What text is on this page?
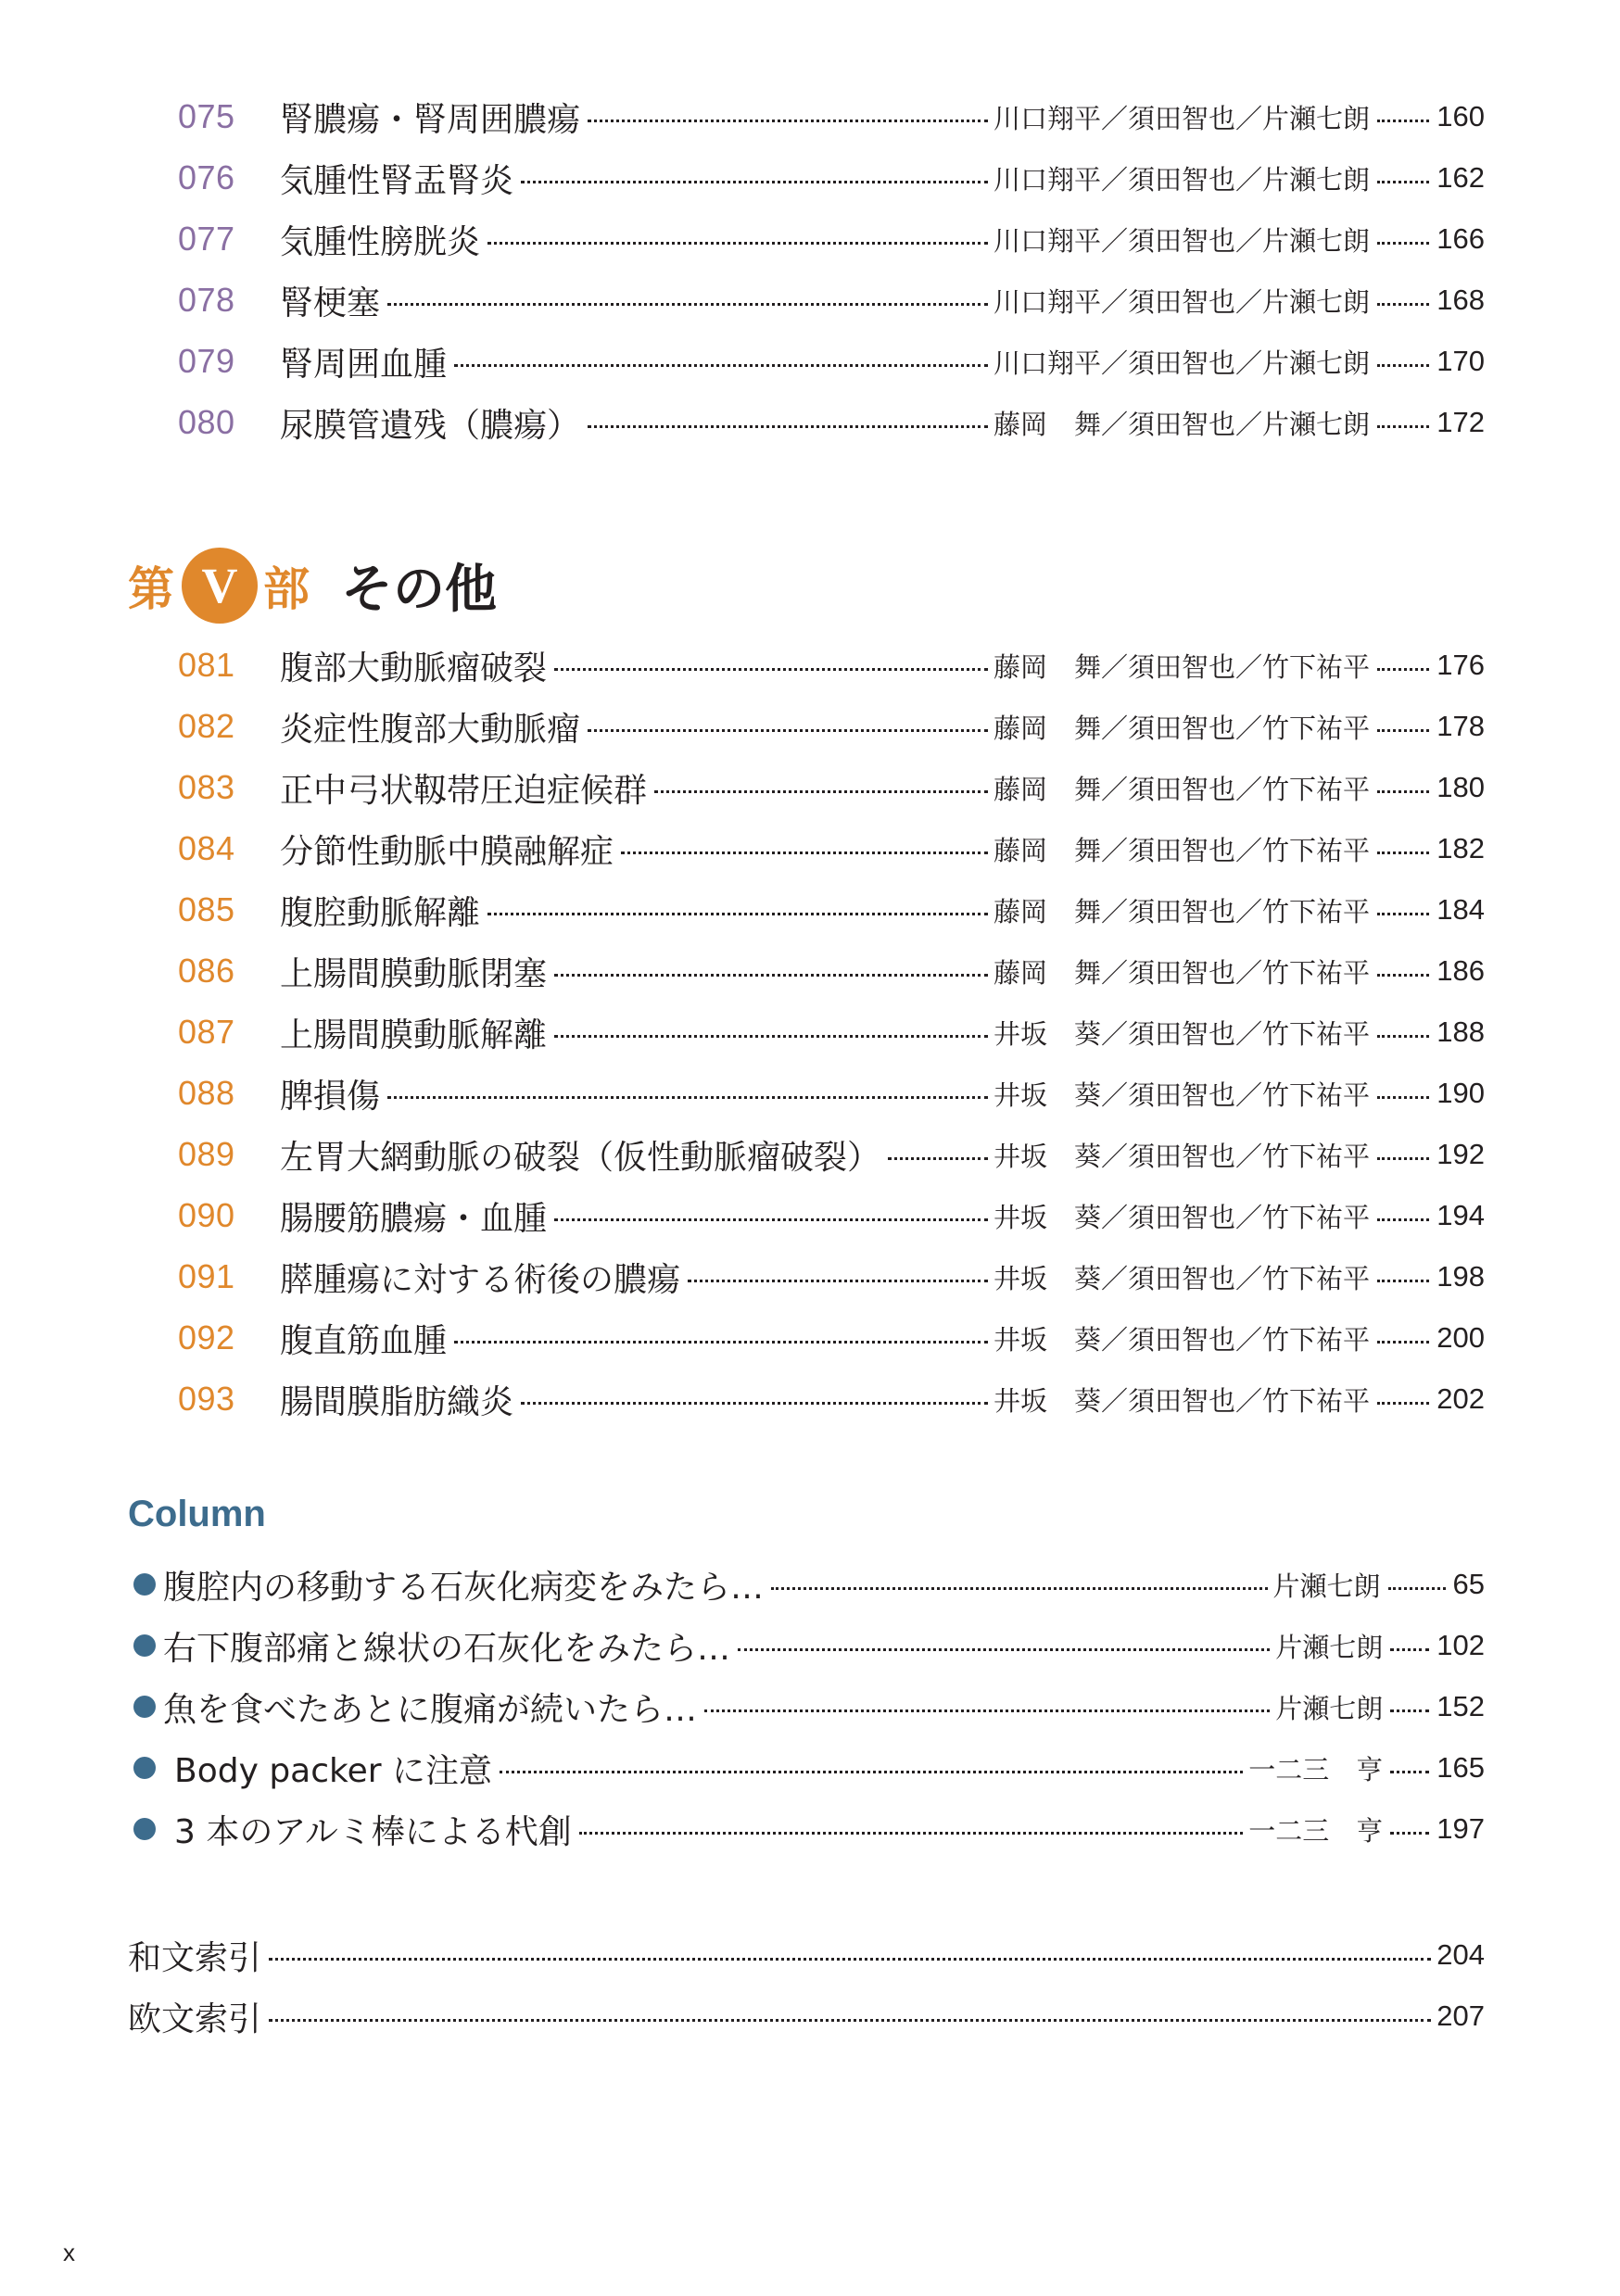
075	腎膿瘍・腎周囲膿瘍	川口翔平／須田智也／片瀬七朗 160
076	気腫性腎盂腎炎	川口翔平／須田智也／片瀬七朗 162
077	気腫性膀胱炎	川口翔平／須田智也／片瀬七朗 166
078	腎梗塞	川口翔平／須田智也／片瀬七朗 168
079	腎周囲血腫	川口翔平／須田智也／片瀬七朗 170
080	尿膜管遺残（膿瘍）	藤岡　舞／須田智也／片瀬七朗 172
第 V 部 その他
081	腹部大動脈瘤破裂	藤岡　舞／須田智也／竹下祐平 176
082	炎症性腹部大動脈瘤	藤岡　舞／須田智也／竹下祐平 178
083	正中弓状靱帯圧迫症候群	藤岡　舞／須田智也／竹下祐平 180
084	分節性動脈中膜融解症	藤岡　舞／須田智也／竹下祐平 182
085	腹腔動脈解離	藤岡　舞／須田智也／竹下祐平 184
086	上腸間膜動脈閉塞	藤岡　舞／須田智也／竹下祐平 186
087	上腸間膜動脈解離	井坂　葵／須田智也／竹下祐平 188
088	脾損傷	井坂　葵／須田智也／竹下祐平 190
089	左胃大網動脈の破裂（仮性動脈瘤破裂）	井坂　葵／須田智也／竹下祐平 192
090	腸腰筋膿瘍・血腫	井坂　葵／須田智也／竹下祐平 194
091	膵腫瘍に対する術後の膿瘍	井坂　葵／須田智也／竹下祐平 198
092	腹直筋血腫	井坂　葵／須田智也／竹下祐平 200
093	腸間膜脂肪織炎	井坂　葵／須田智也／竹下祐平 202
Column
腹腔内の移動する石灰化病変をみたら…	片瀬七朗	65
右下腹部痛と線状の石灰化をみたら…	片瀬七朗 102
魚を食べたあとに腹痛が続いたら…	片瀬七朗 152
Body packer に注意	一二三　亨 165
3 本のアルミ棒による杙創	一二三　亨 197
和文索引	204
欧文索引	207
x
